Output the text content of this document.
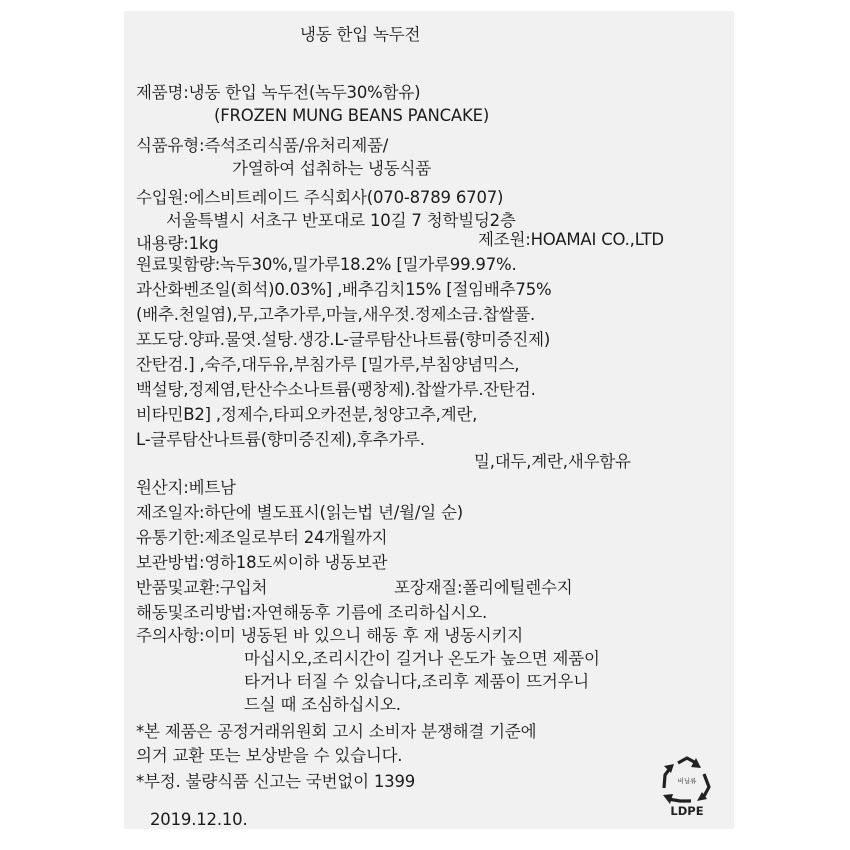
냉동 한입 녹두전
제품명:냉동 한입 녹두전(녹두30%함유)
(FROZEN MUNG BEANS PANCAKE)
식품유형:즉석조리식품/유처리제품/
가열하여 섭취하는 냉동식품
수입원:에스비트레이드 주식회사(070-8789 6707)
서울특별시 서초구 반포대로 10길 7 청학빌딩2층
내용량:1kg	제조원:HOAMAI CO.,LTD
원료및함량:녹두30%,밀가루18.2% [밀가루99.97%.
과산화벤조일(희석)0.03%] ,배추김치15% [절임배추75%
(배추.천일염),무,고추가루,마늘,새우젓.정제소금.찹쌀풀.
포도당.양파.물엿.설탕.생강.L-글루탐산나트륨(향미증진제)
잔탄검.] ,숙주,대두유,부침가루 [밀가루,부침양념믹스,
백설탕,정제염,탄산수소나트륨(팽창제).찹쌀가루.잔탄검.
비타민B2] ,정제수,타피오카전분,청양고추,계란,
L-글루탐산나트륨(향미증진제),후추가루.
밀,대두,계란,새우함유
원산지:베트남
제조일자:하단에 별도표시(읽는법 년/월/일 순)
유통기한:제조일로부터 24개월까지
보관방법:영하18도씨이하 냉동보관
반품및교환:구입처	포장재질:폴리에틸렌수지
해동및조리방법:자연해동후 기름에 조리하십시오.
주의사항:이미 냉동된 바 있으니 해동 후 재 냉동시키지
마십시오,조리시간이 길거나 온도가 높으면 제품이
타거나 터질 수 있습니다,조리후 제품이 뜨거우니
드실 때 조심하십시오.
*본 제품은 공정거래위원회 고시 소비자 분쟁해결 기준에
의거 교환 또는 보상받을 수 있습니다.
*부정. 불량식품 신고는 국번없이 1399
2019.12.10.
비닐류
LDPE
